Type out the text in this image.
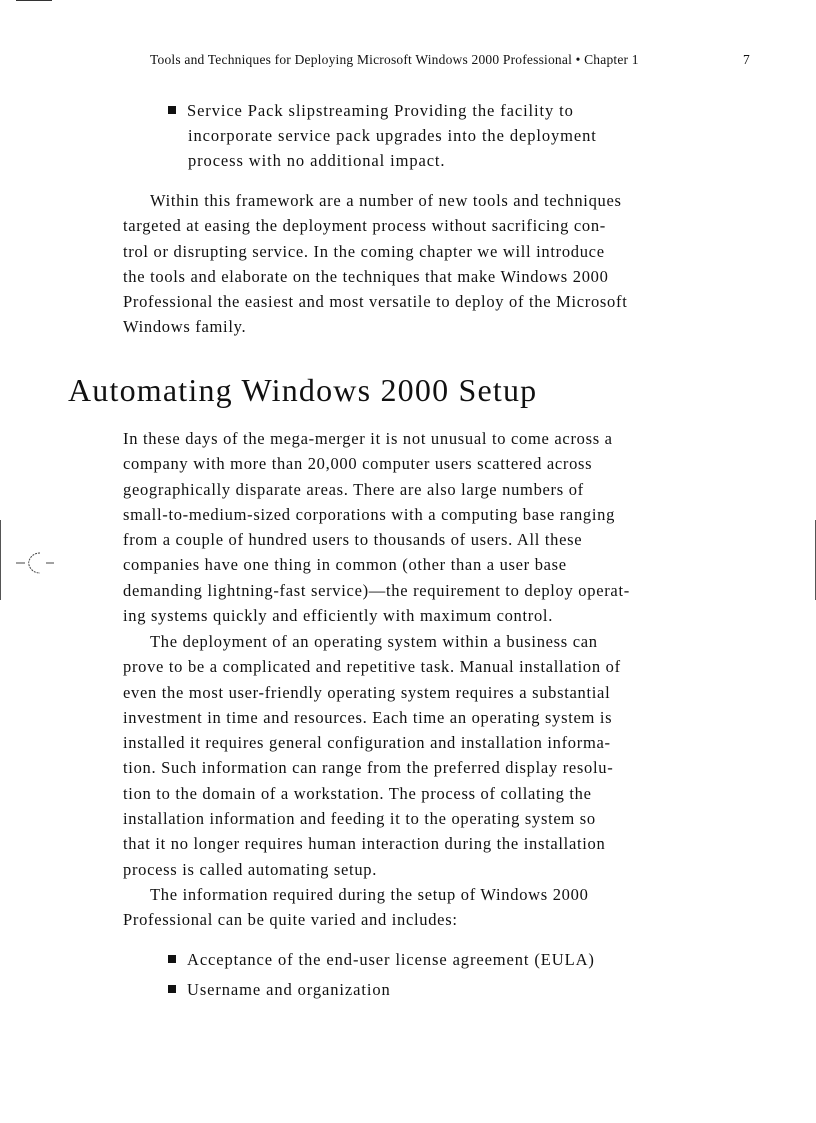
Tools and Techniques for Deploying Microsoft Windows 2000 Professional • Chapter 1	7
Service Pack slipstreaming Providing the facility to
incorporate service pack upgrades into the deployment
process with no additional impact.
Within this framework are a number of new tools and techniques
targeted at easing the deployment process without sacrificing con-
trol or disrupting service. In the coming chapter we will introduce
the tools and elaborate on the techniques that make Windows 2000
Professional the easiest and most versatile to deploy of the Microsoft
Windows family.
Automating Windows 2000 Setup
In these days of the mega-merger it is not unusual to come across a
company with more than 20,000 computer users scattered across
geographically disparate areas. There are also large numbers of
small-to-medium-sized corporations with a computing base ranging
from a couple of hundred users to thousands of users. All these
companies have one thing in common (other than a user base
demanding lightning-fast service)—the requirement to deploy operat-
ing systems quickly and efficiently with maximum control.
The deployment of an operating system within a business can
prove to be a complicated and repetitive task. Manual installation of
even the most user-friendly operating system requires a substantial
investment in time and resources. Each time an operating system is
installed it requires general configuration and installation informa-
tion. Such information can range from the preferred display resolu-
tion to the domain of a workstation. The process of collating the
installation information and feeding it to the operating system so
that it no longer requires human interaction during the installation
process is called automating setup.
The information required during the setup of Windows 2000
Professional can be quite varied and includes:
Acceptance of the end-user license agreement (EULA)
Username and organization
